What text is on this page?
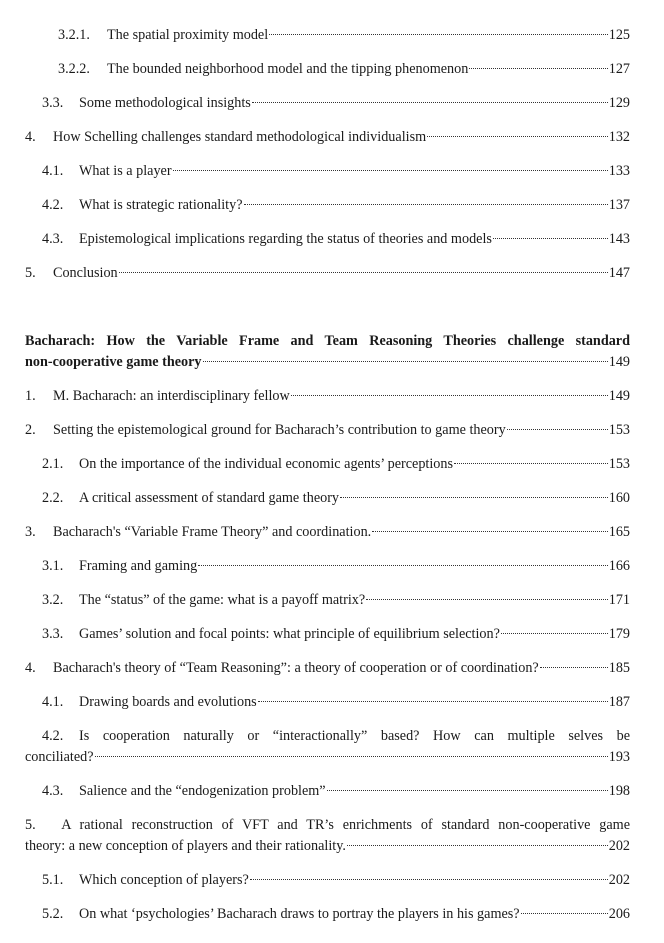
3.2.1.	The spatial proximity model	125
3.2.2.	The bounded neighborhood model and the tipping phenomenon	127
3.3.	Some methodological insights	129
4.	How Schelling challenges standard methodological individualism	132
4.1.	What is a player	133
4.2.	What is strategic rationality?	137
4.3.	Epistemological implications regarding the status of theories and models	143
5.	Conclusion	147
Bacharach: How the Variable Frame and Team Reasoning Theories challenge standard
non-cooperative game theory	149
1.	M. Bacharach: an interdisciplinary fellow	149
2.	Setting the epistemological ground for Bacharach’s contribution to game theory	153
2.1.	On the importance of the individual economic agents’ perceptions	153
2.2.	A critical assessment of standard game theory	160
3.	Bacharach's “Variable Frame Theory” and coordination.	165
3.1.	Framing and gaming	166
3.2.	The “status” of the game: what is a payoff matrix?	171
3.3.	Games’ solution and focal points: what principle of equilibrium selection?	179
4.	Bacharach's theory of “Team Reasoning”: a theory of cooperation or of coordination?	185
4.1.	Drawing boards and evolutions	187
4.2.	Is cooperation naturally or “interactionally” based? How can multiple selves be
conciliated?	193
4.3.	Salience and the “endogenization problem”	198
5.   A rational reconstruction of VFT and TR’s enrichments of standard non-cooperative game
theory: a new conception of players and their rationality.	202
5.1.	Which conception of players?	202
5.2.	On what ‘psychologies’ Bacharach draws to portray the players in his games?	206
